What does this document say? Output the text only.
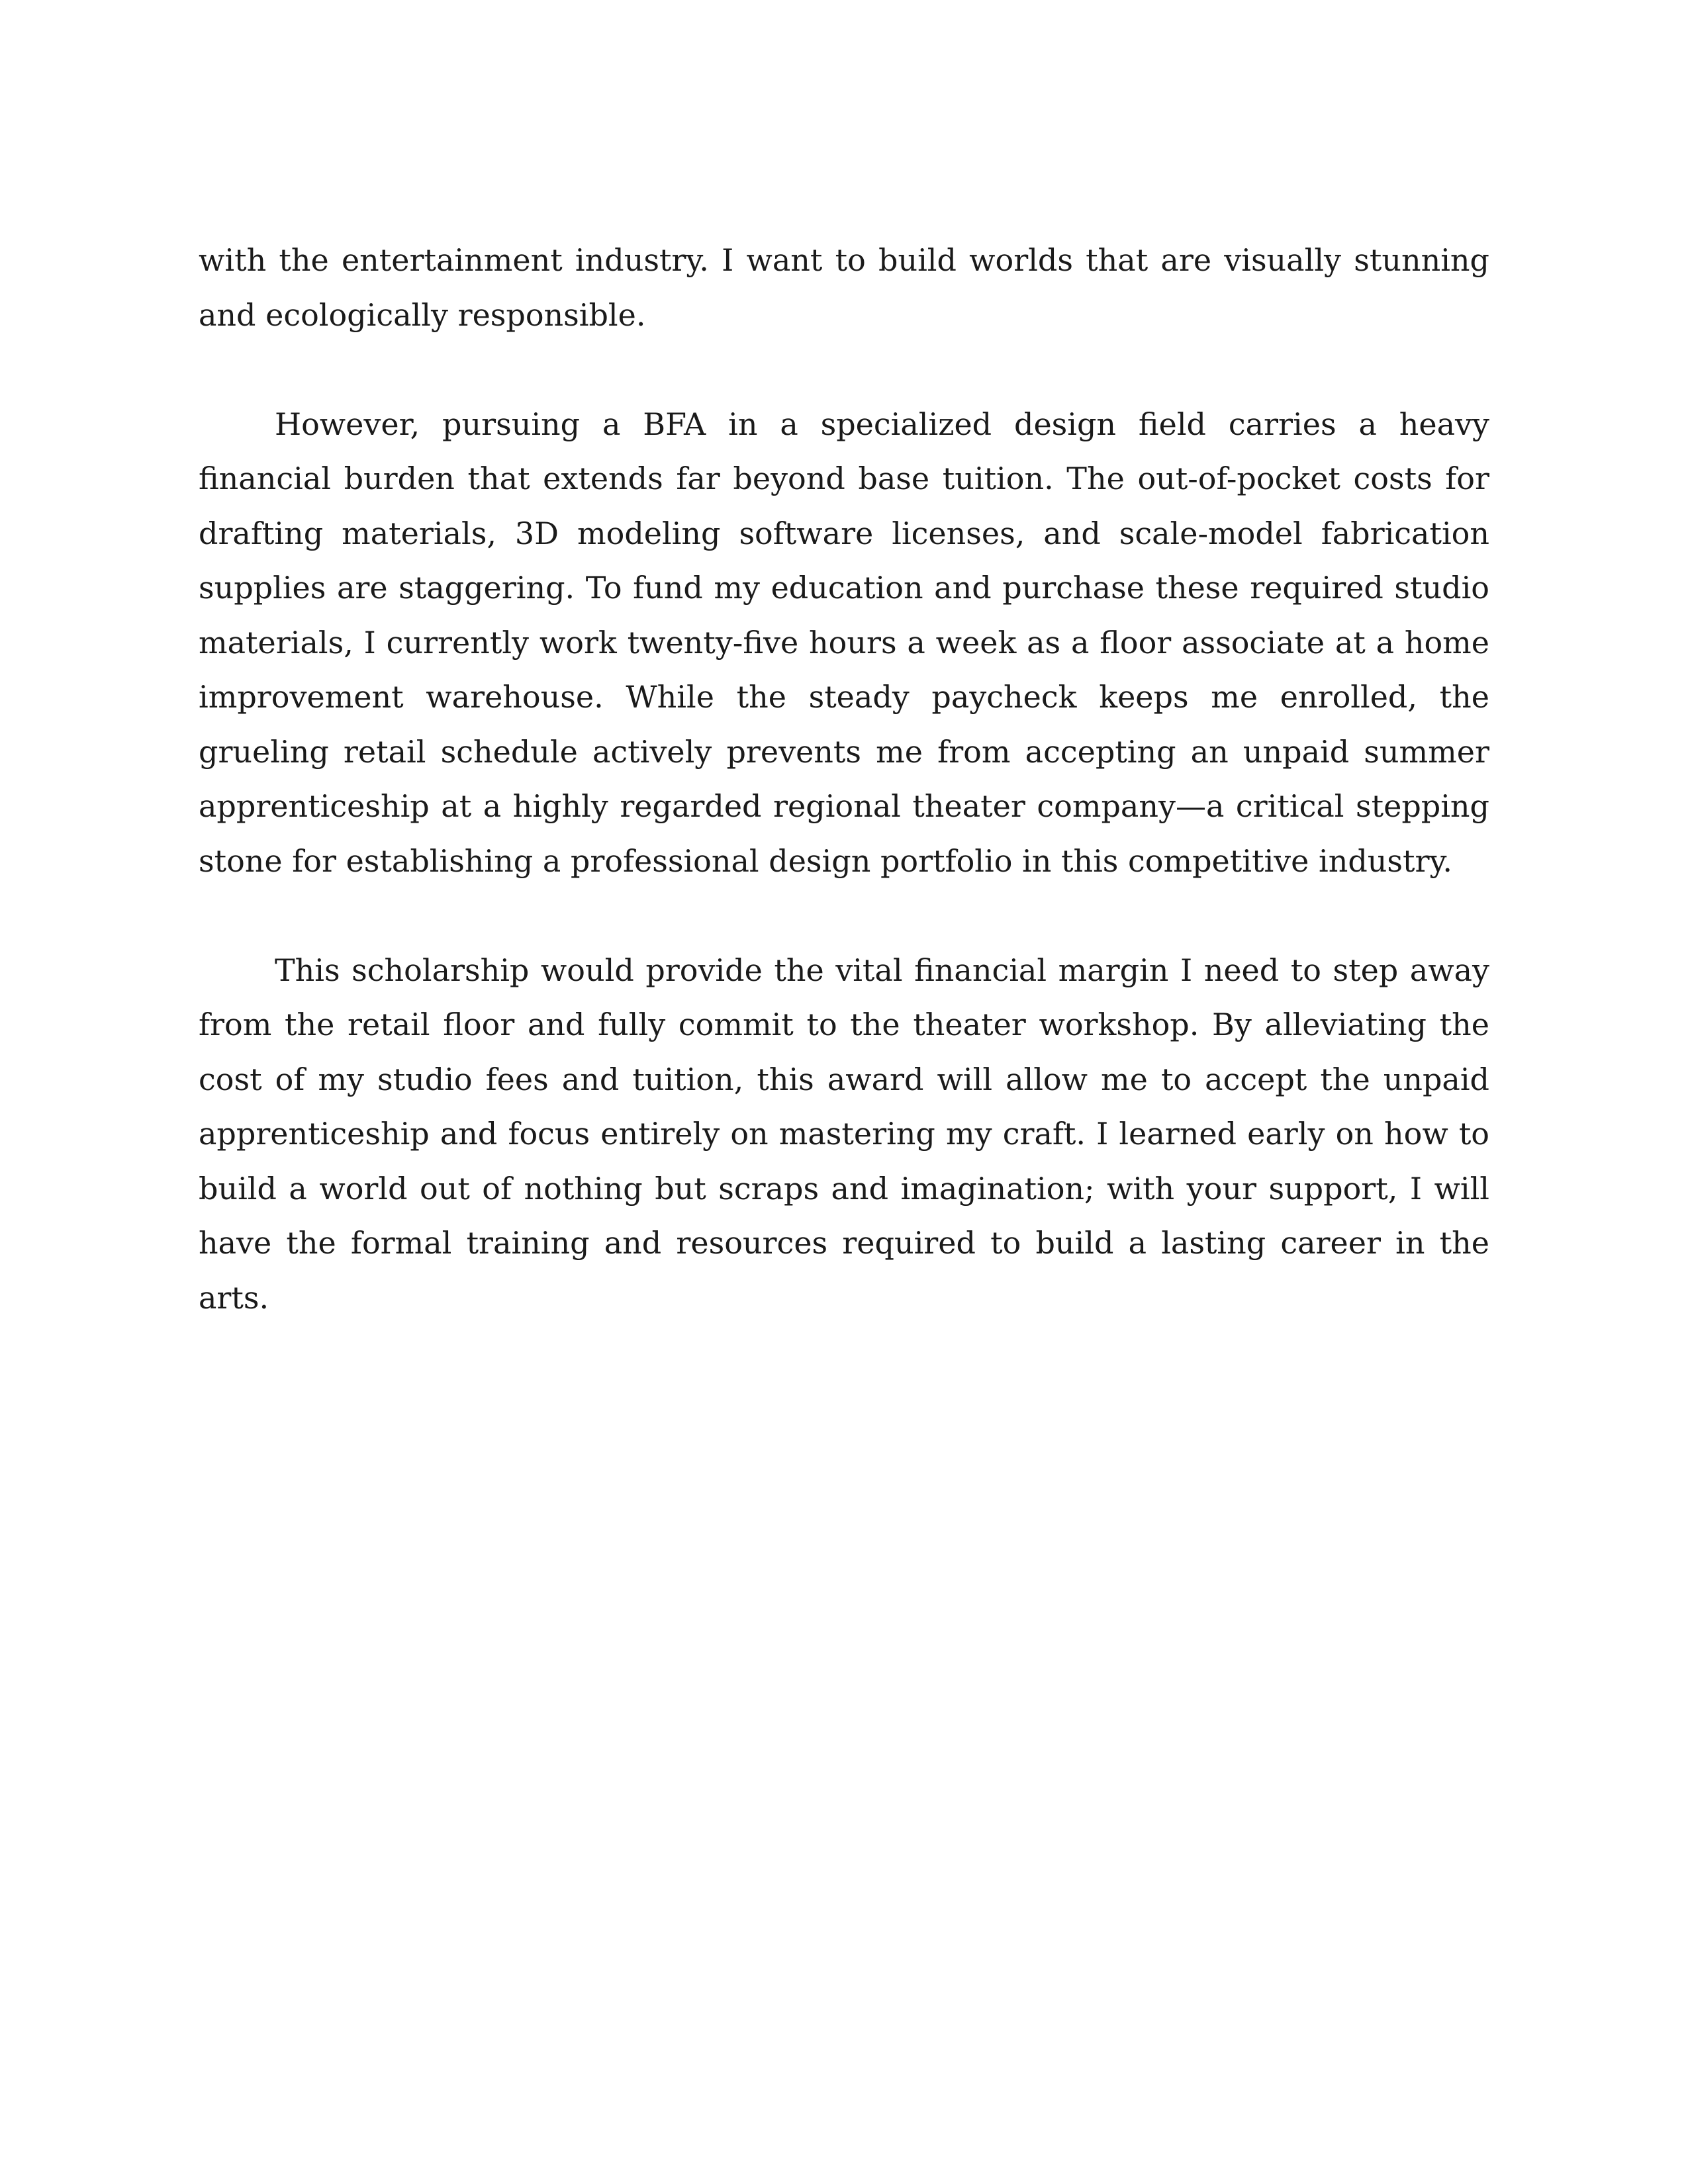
with the entertainment industry. I want to build worlds that are visually stunning and ecologically responsible.

However, pursuing a BFA in a specialized design field carries a heavy financial burden that extends far beyond base tuition. The out-of-pocket costs for drafting materials, 3D modeling software licenses, and scale-model fabrication supplies are staggering. To fund my education and purchase these required studio materials, I currently work twenty-five hours a week as a floor associate at a home improvement warehouse. While the steady paycheck keeps me enrolled, the grueling retail schedule actively prevents me from accepting an unpaid summer apprenticeship at a highly regarded regional theater company—a critical stepping stone for establishing a professional design portfolio in this competitive industry.

This scholarship would provide the vital financial margin I need to step away from the retail floor and fully commit to the theater workshop. By alleviating the cost of my studio fees and tuition, this award will allow me to accept the unpaid apprenticeship and focus entirely on mastering my craft. I learned early on how to build a world out of nothing but scraps and imagination; with your support, I will have the formal training and resources required to build a lasting career in the arts.
